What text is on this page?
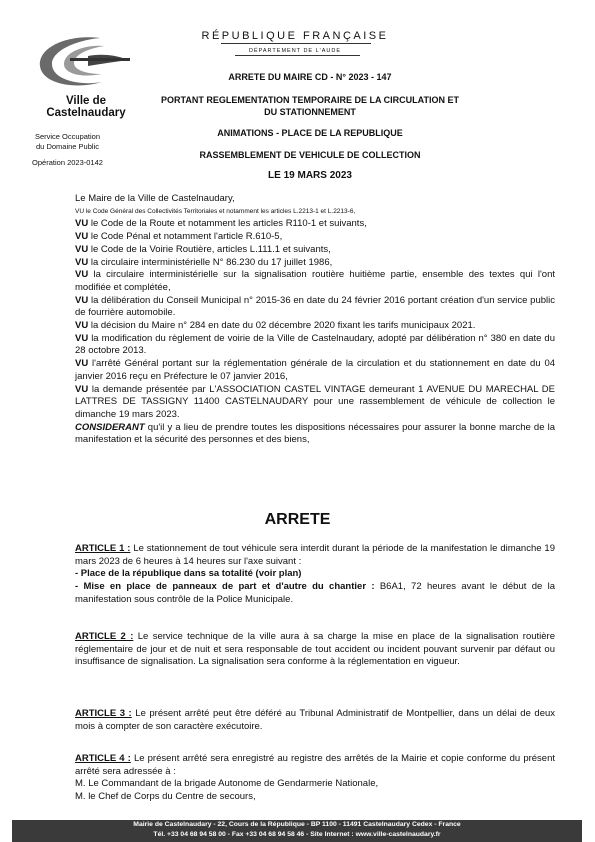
RÉPUBLIQUE FRANÇAISE
DÉPARTEMENT DE L'AUDE
Ville de Castelnaudary
Service Occupation
du Domaine Public
Opération 2023-0142
ARRETE DU MAIRE CD - N° 2023 - 147
PORTANT REGLEMENTATION TEMPORAIRE DE LA CIRCULATION ET DU STATIONNEMENT
ANIMATIONS - PLACE DE LA REPUBLIQUE
RASSEMBLEMENT DE VEHICULE DE COLLECTION
LE 19 MARS 2023

Le Maire de la Ville de Castelnaudary,

VU le Code Général des Collectivités Territoriales et notamment les articles L.2213-1 et L.2213-6,

VU le Code de la Route et notamment les articles R110-1 et suivants,

VU le Code Pénal et notamment l'article R.610-5,

VU le Code de la Voirie Routière, articles L.111.1 et suivants,

VU la circulaire interministérielle N° 86.230 du 17 juillet 1986,

VU la circulaire interministérielle sur la signalisation routière huitième partie, ensemble des textes qui l'ont modifiée et complétée,

VU la délibération du Conseil Municipal n° 2015-36 en date du 24 février 2016 portant création d'un service public de fourrière automobile.

VU la décision du Maire n° 284 en date du 02 décembre 2020 fixant les tarifs municipaux 2021.

VU la modification du règlement de voirie de la Ville de Castelnaudary, adopté par délibération n° 380 en date du 28 octobre 2013.

VU l'arrêté Général portant sur la réglementation générale de la circulation et du stationnement en date du 04 janvier 2016 reçu en Préfecture le 07 janvier 2016,

VU la demande présentée par L'ASSOCIATION CASTEL VINTAGE demeurant 1 AVENUE DU MARECHAL DE LATTRES DE TASSIGNY 11400 CASTELNAUDARY pour une rassemblement de véhicule de collection le dimanche 19 mars 2023.

CONSIDERANT qu'il y a lieu de prendre toutes les dispositions nécessaires pour assurer la bonne marche de la manifestation et la sécurité des personnes et des biens,

ARRETE

ARTICLE 1 : Le stationnement de tout véhicule sera interdit durant la période de la manifestation le dimanche 19 mars 2023 de 6 heures à 14 heures sur l'axe suivant :

- Place de la république dans sa totalité (voir plan)

- Mise en place de panneaux de part et d'autre du chantier : B6A1, 72 heures avant le début de la manifestation sous contrôle de la Police Municipale.

ARTICLE 2 : Le service technique de la ville aura à sa charge la mise en place de la signalisation routière réglementaire de jour et de nuit et sera responsable de tout accident ou incident pouvant survenir par défaut ou insuffisance de signalisation. La signalisation sera conforme à la réglementation en vigueur.

ARTICLE 3 : Le présent arrêté peut être déféré au Tribunal Administratif de Montpellier, dans un délai de deux mois à compter de son caractère exécutoire.

ARTICLE 4 : Le présent arrêté sera enregistré au registre des arrêtés de la Mairie et copie conforme du présent arrêté sera adressée à :

M. Le Commandant de la brigade Autonome de Gendarmerie Nationale,

M. le Chef de Corps du Centre de secours,

Mairie de Castelnaudary - 22, Cours de la République - BP 1100 - 11491 Castelnaudary Cedex - France
Tél. +33 04 68 94 58 00 - Fax +33 04 68 94 58 46 - Site Internet : www.ville-castelnaudary.fr
